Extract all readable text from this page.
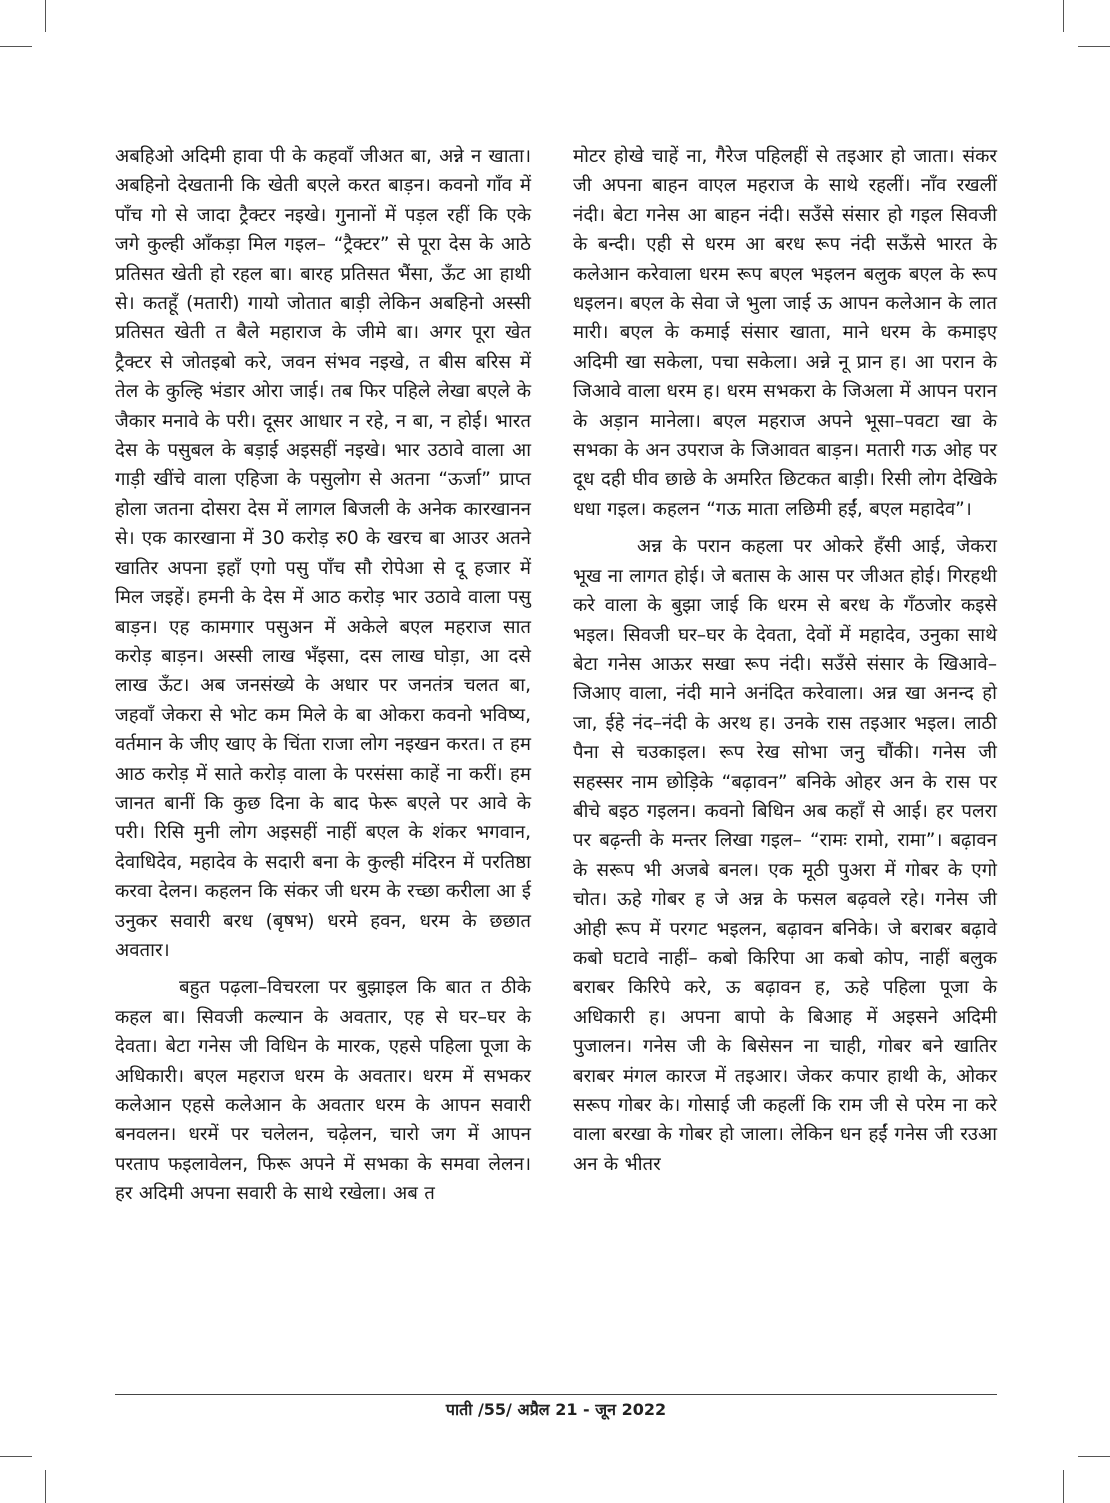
अबहिओ अदिमी हावा पी के कहवाँ जीअत बा, अन्ने न खाता। अबहिनो देखतानी कि खेती बएले करत बाड़न। कवनो गाँव में पाँच गो से जादा ट्रैक्टर नइखे। गुनानों में पड़ल रहीं कि एके जगे कुल्ही आँकड़ा मिल गइल– “ट्रैक्टर” से पूरा देस के आठे प्रतिसत खेती हो रहल बा। बारह प्रतिसत भैंसा, ऊँट आ हाथी से। कतहूँ (मतारी) गायो जोतात बाड़ी लेकिन अबहिनो अस्सी प्रतिसत खेती त बैले महाराज के जीमे बा। अगर पूरा खेत ट्रैक्टर से जोतइबो करे, जवन संभव नइखे, त बीस बरिस में तेल के कुल्हि भंडार ओरा जाई। तब फिर पहिले लेखा बएले के जैकार मनावे के परी। दूसर आधार न रहे, न बा, न होई। भारत देस के पसुबल के बड़ाई अइसहीं नइखे। भार उठावे वाला आ गाड़ी खींचे वाला एहिजा के पसुलोग से अतना “ऊर्जा” प्राप्त होला जतना दोसरा देस में लागल बिजली के अनेक कारखानन से। एक कारखाना में 30 करोड़ रु0 के खरच बा आउर अतने खातिर अपना इहाँ एगो पसु पाँच सौ रोपेआ से दू हजार में मिल जइहें। हमनी के देस में आठ करोड़ भार उठावे वाला पसु बाड़न। एह कामगार पसुअन में अकेले बएल महराज सात करोड़ बाड़न। अस्सी लाख भँइसा, दस लाख घोड़ा, आ दसे लाख ऊँट। अब जनसंख्ये के अधार पर जनतंत्र चलत बा, जहवाँ जेकरा से भोट कम मिले के बा ओकरा कवनो भविष्य, वर्तमान के जीए खाए के चिंता राजा लोग नइखन करत। त हम आठ करोड़ में साते करोड़ वाला के परसंसा काहें ना करीं। हम जानत बानीं कि कुछ दिना के बाद फेरू बएले पर आवे के परी। रिसि मुनी लोग अइसहीं नाहीं बएल के शंकर भगवान, देवाधिदेव, महादेव के सदारी बना के कुल्ही मंदिरन में परतिष्ठा करवा देलन। कहलन कि संकर जी धरम के रच्छा करीला आ ई उनुकर सवारी बरध (बृषभ) धरमे हवन, धरम के छछात अवतार।

बहुत पढ़ला–विचरला पर बुझाइल कि बात त ठीके कहल बा। सिवजी कल्यान के अवतार, एह से घर–घर के देवता। बेटा गनेस जी विधिन के मारक, एहसे पहिला पूजा के अधिकारी। बएल महराज धरम के अवतार। धरम में सभकर कलेआन एहसे कलेआन के अवतार धरम के आपन सवारी बनवलन। धरमें पर चलेलन, चढ़ेलन, चारो जग में आपन परताप फइलावेलन, फिरू अपने में सभका के समवा लेलन। हर अदिमी अपना सवारी के साथे रखेला। अब त

मोटर होखे चाहें ना, गैरेज पहिलहीं से तइआर हो जाता। संकर जी अपना बाहन वाएल महराज के साथे रहलीं। नाँव रखलीं नंदी। बेटा गनेस आ बाहन नंदी। सउँसे संसार हो गइल सिवजी के बन्दी। एही से धरम आ बरध रूप नंदी सऊँसे भारत के कलेआन करेवाला धरम रूप बएल भइलन बलुक बएल के रूप धइलन। बएल के सेवा जे भुला जाई ऊ आपन कलेआन के लात मारी। बएल के कमाई संसार खाता, माने धरम के कमाइए अदिमी खा सकेला, पचा सकेला। अन्ने नू प्रान ह। आ परान के जिआवे वाला धरम ह। धरम सभकरा के जिअला में आपन परान के अड़ान मानेला। बएल महराज अपने भूसा–पवटा खा के सभका के अन उपराज के जिआवत बाड़न। मतारी गऊ ओह पर दूध दही घीव छाछे के अमरित छिटकत बाड़ी। रिसी लोग देखिके धधा गइल। कहलन “गऊ माता लछिमी हईं, बएल महादेव”।

अन्न के परान कहला पर ओकरे हँसी आई, जेकरा भूख ना लागत होई। जे बतास के आस पर जीअत होई। गिरहथी करे वाला के बुझा जाई कि धरम से बरध के गँठजोर कइसे भइल। सिवजी घर–घर के देवता, देवों में महादेव, उनुका साथे बेटा गनेस आऊर सखा रूप नंदी। सउँसे संसार के खिआवे–जिआए वाला, नंदी माने अनंदित करेवाला। अन्न खा अनन्द हो जा, ईहे नंद–नंदी के अरथ ह। उनके रास तइआर भइल। लाठी पैना से चउकाइल। रूप रेख सोभा जनु चौंकी। गनेस जी सहस्सर नाम छोड़िके “बढ़ावन” बनिके ओहर अन के रास पर बीचे बइठ गइलन। कवनो बिधिन अब कहाँ से आई। हर पलरा पर बढ़न्ती के मन्तर लिखा गइल– “रामः रामो, रामा”। बढ़ावन के सरूप भी अजबे बनल। एक मूठी पुअरा में गोबर के एगो चोत। ऊहे गोबर ह जे अन्न के फसल बढ़वले रहे। गनेस जी ओही रूप में परगट भइलन, बढ़ावन बनिके। जे बराबर बढ़ावे कबो घटावे नाहीं– कबो किरिपा आ कबो कोप, नाहीं बलुक बराबर किरिपे करे, ऊ बढ़ावन ह, ऊहे पहिला पूजा के अधिकारी ह। अपना बापो के बिआह में अइसने अदिमी पुजालन। गनेस जी के बिसेसन ना चाही, गोबर बने खातिर बराबर मंगल कारज में तइआर। जेकर कपार हाथी के, ओकर सरूप गोबर के। गोसाई जी कहलीं कि राम जी से परेम ना करे वाला बरखा के गोबर हो जाला। लेकिन धन हईं गनेस जी रउआ अन के भीतर

पाती /55/ अप्रैल 21 - जून 2022
